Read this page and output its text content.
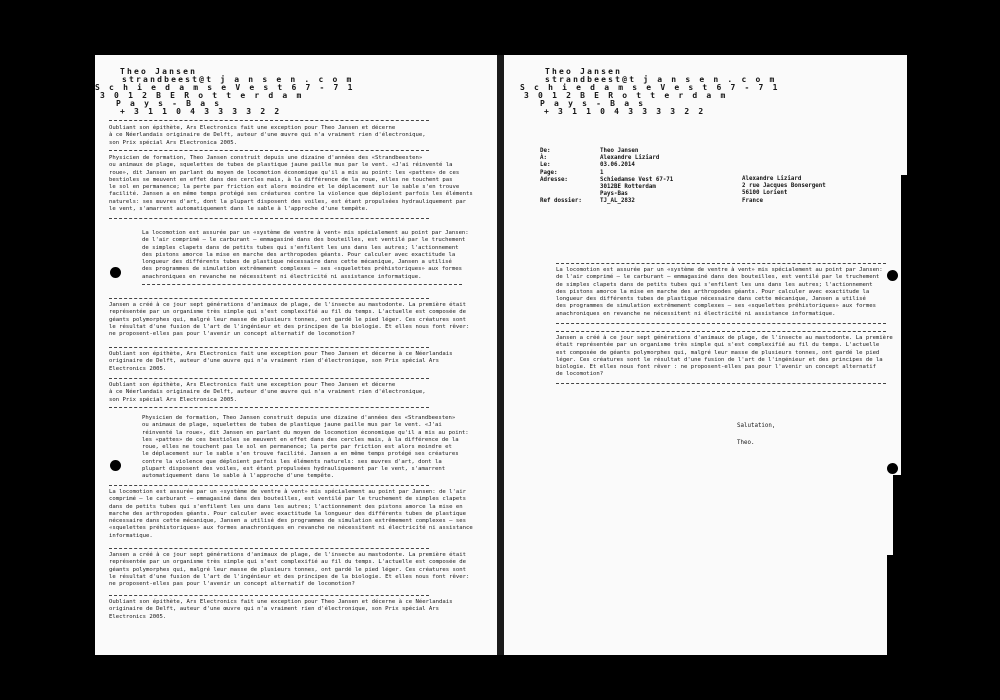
Theo Jansen
strandbeest@t j a n s e n . c o m
S c h i e d a m s e V e s t 6 7 - 7 1
3 0 1 2 B E R o t t e r d a m
P a y s - B a s
+ 3 1 1 0 4 3 3 3 3 2 2
Oubliant son épithète, Ars Electronics fait une exception pour Theo Jansen et décerne
à ce Néerlandais originaire de Delft, auteur d'une œuvre qui n'a vraiment rien d'électronique,
son Prix spécial Ars Electronica 2005.
Physicien de formation, Theo Jansen construit depuis une dizaine d'années des «Strandbeesten»
ou animaux de plage, squelettes de tubes de plastique jaune paille mus par le vent. «J'ai réinventé la
roue», dit Jansen en parlant du moyen de locomotion économique qu'il a mis au point: les «pattes» de ces
bestioles se meuvent en effet dans des cercles mais, à la différence de la roue, elles ne touchent pas
le sol en permanence; la perte par friction est alors moindre et le déplacement sur le sable s'en trouve
facilité. Jansen a en même temps protégé ses créatures contre la violence que déploient parfois les éléments
naturels: ses œuvres d'art, dont la plupart disposent des voiles, est étant propulsées hydrauliquement par
le vent, s'amarrent automatiquement dans le sable à l'approche d'une tempête.
La locomotion est assurée par un «système de ventre à vent» mis spécialement au point par Jansen:
de l'air comprimé – le carburant – emmagasiné dans des bouteilles, est ventilé par le truchement
de simples clapets dans de petits tubes qui s'enfilent les uns dans les autres; l'actionnement
des pistons amorce la mise en marche des arthropodes géants. Pour calculer avec exactitude la
longueur des différents tubes de plastique nécessaire dans cette mécanique, Jansen a utilisé
des programmes de simulation extrêmement complexes – ses «squelettes préhistoriques» aux formes
anachroniques en revanche ne nécessitent ni électricité ni assistance informatique.
Jansen a créé à ce jour sept générations d'animaux de plage, de l'insecte au mastodonte. La première était
représentée par un organisme très simple qui s'est complexifié au fil du temps. L'actuelle est composée de
géants polymorphes qui, malgré leur masse de plusieurs tonnes, ont gardé le pied léger. Ces créatures sont
le résultat d'une fusion de l'art de l'ingénieur et des principes de la biologie. Et elles nous font rêver:
ne proposent-elles pas pour l'avenir un concept alternatif de locomotion?
Oubliant son épithète, Ars Electronics fait une exception pour Theo Jansen et décerne à ce Néerlandais
originaire de Delft, auteur d'une œuvre qui n'a vraiment rien d'électronique, son Prix spécial Ars
Electronics 2005.
Oubliant son épithète, Ars Electronics fait une exception pour Theo Jansen et décerne
à ce Néerlandais originaire de Delft, auteur d'une œuvre qui n'a vraiment rien d'électronique,
son Prix spécial Ars Electronica 2005.
Physicien de formation, Theo Jansen construit depuis une dizaine d'années des «Strandbeesten»
ou animaux de plage, squelettes de tubes de plastique jaune paille mus par le vent. «J'ai
réinventé la roue», dit Jansen en parlant du moyen de locomotion économique qu'il a mis au point:
les «pattes» de ces bestioles se meuvent en effet dans des cercles mais, à la différence de la
roue, elles ne touchent pas le sol en permanence; la perte par friction est alors moindre et
le déplacement sur le sable s'en trouve facilité. Jansen a en même temps protégé ses créatures
contre la violence que déploient parfois les éléments naturels: ses œuvres d'art, dont la
plupart disposent des voiles, est étant propulsées hydrauliquement par le vent, s'amarrent
automatiquement dans le sable à l'approche d'une tempête.
La locomotion est assurée par un «système de ventre à vent» mis spécialement au point par Jansen: de l'air
comprimé – le carburant – emmagasiné dans des bouteilles, est ventilé par le truchement de simples clapets
dans de petits tubes qui s'enfilent les uns dans les autres; l'actionnement des pistons amorce la mise en
marche des arthropodes géants. Pour calculer avec exactitude la longueur des différents tubes de plastique
nécessaire dans cette mécanique, Jansen a utilisé des programmes de simulation extrêmement complexes – ses
«squelettes préhistoriques» aux formes anachroniques en revanche ne nécessitent ni électricité ni assistance
informatique.
Jansen a créé à ce jour sept générations d'animaux de plage, de l'insecte au mastodonte. La première était
représentée par un organisme très simple qui s'est complexifié au fil du temps. L'actuelle est composée de
géants polymorphes qui, malgré leur masse de plusieurs tonnes, ont gardé le pied léger. Ces créatures sont
le résultat d'une fusion de l'art de l'ingénieur et des principes de la biologie. Et elles nous font rêver:
ne proposent-elles pas pour l'avenir un concept alternatif de locomotion?
Oubliant son épithète, Ars Electronics fait une exception pour Theo Jansen et décerne à ce Néerlandais
originaire de Delft, auteur d'une œuvre qui n'a vraiment rien d'électronique, son Prix spécial Ars
Electronics 2005.
Theo Jansen
strandbeest@t j a n s e n . c o m
S c h i e d a m s e V e s t 6 7 - 7 1
3 0 1 2 B E R o t t e r d a m
P a y s - B a s
+ 3 1 1 0 4 3 3 3 3 2 2
De:
À:
Le:
Page:
Adresse:

Ref dossier:
Theo Jansen
Alexandre Liziard
03.06.2014
1
Schiedamse Vest 67-71
3012BE Rotterdam
Pays-Bas
TJ_AL_2832
Alexandre Liziard
2 rue Jacques Bonsergent
56100 Lorient
France
La locomotion est assurée par un «système de ventre à vent» mis spécialement au point par Jansen:
de l'air comprimé – le carburant – emmagasiné dans des bouteilles, est ventilé par le truchement
de simples clapets dans de petits tubes qui s'enfilent les uns dans les autres; l'actionnement
des pistons amorce la mise en marche des arthropodes géants. Pour calculer avec exactitude la
longueur des différents tubes de plastique nécessaire dans cette mécanique, Jansen a utilisé
des programmes de simulation extrêmement complexes – ses «squelettes préhistoriques» aux formes
anachroniques en revanche ne nécessitent ni électricité ni assistance informatique.
Jansen a créé à ce jour sept générations d'animaux de plage, de l'insecte au mastodonte. La première
était représentée par un organisme très simple qui s'est complexifié au fil du temps. L'actuelle
est composée de géants polymorphes qui, malgré leur masse de plusieurs tonnes, ont gardé le pied
léger. Ces créatures sont le résultat d'une fusion de l'art de l'ingénieur et des principes de la
biologie. Et elles nous font rêver : ne proposent-elles pas pour l'avenir un concept alternatif
de locomotion?
Salutation,
Theo.
